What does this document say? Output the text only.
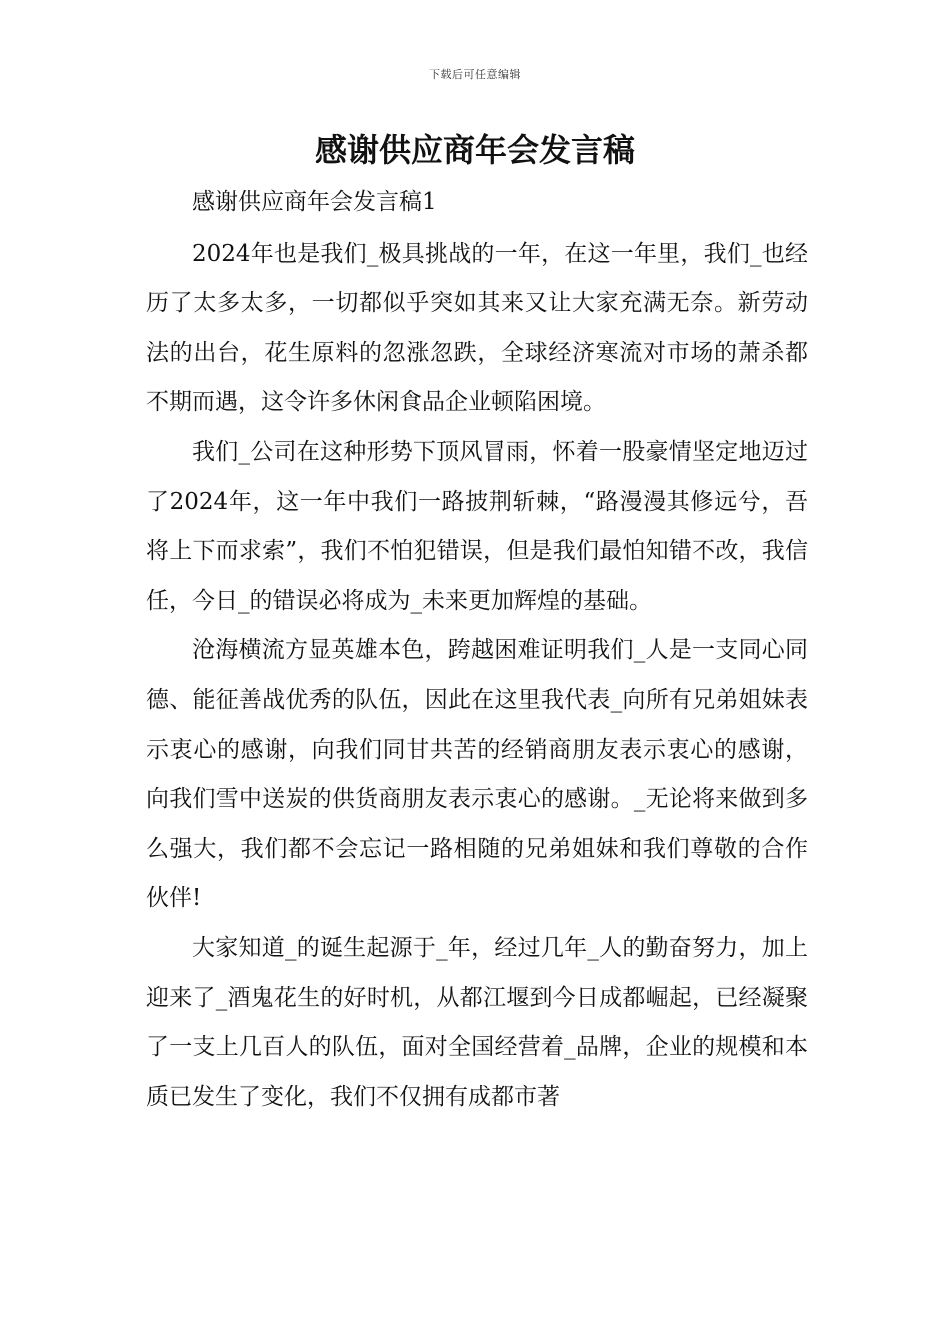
下载后可任意编辑
感谢供应商年会发言稿

感谢供应商年会发言稿1

2024年也是我们_极具挑战的一年，在这一年里，我们_也经历了太多太多，一切都似乎突如其来又让大家充满无奈。新劳动法的出台，花生原料的忽涨忽跌，全球经济寒流对市场的萧杀都不期而遇，这令许多休闲食品企业顿陷困境。

我们_公司在这种形势下顶风冒雨，怀着一股豪情坚定地迈过了2024年，这一年中我们一路披荆斩棘，“路漫漫其修远兮，吾将上下而求索”，我们不怕犯错误，但是我们最怕知错不改，我信任，今日_的错误必将成为_未来更加辉煌的基础。

沧海横流方显英雄本色，跨越困难证明我们_人是一支同心同德、能征善战优秀的队伍，因此在这里我代表_向所有兄弟姐妹表示衷心的感谢，向我们同甘共苦的经销商朋友表示衷心的感谢，向我们雪中送炭的供货商朋友表示衷心的感谢。_无论将来做到多么强大，我们都不会忘记一路相随的兄弟姐妹和我们尊敬的合作伙伴!

大家知道_的诞生起源于_年，经过几年_人的勤奋努力，加上迎来了_酒鬼花生的好时机，从都江堰到今日成都崛起，已经凝聚了一支上几百人的队伍，面对全国经营着_品牌，企业的规模和本质已发生了变化，我们不仅拥有成都市著
